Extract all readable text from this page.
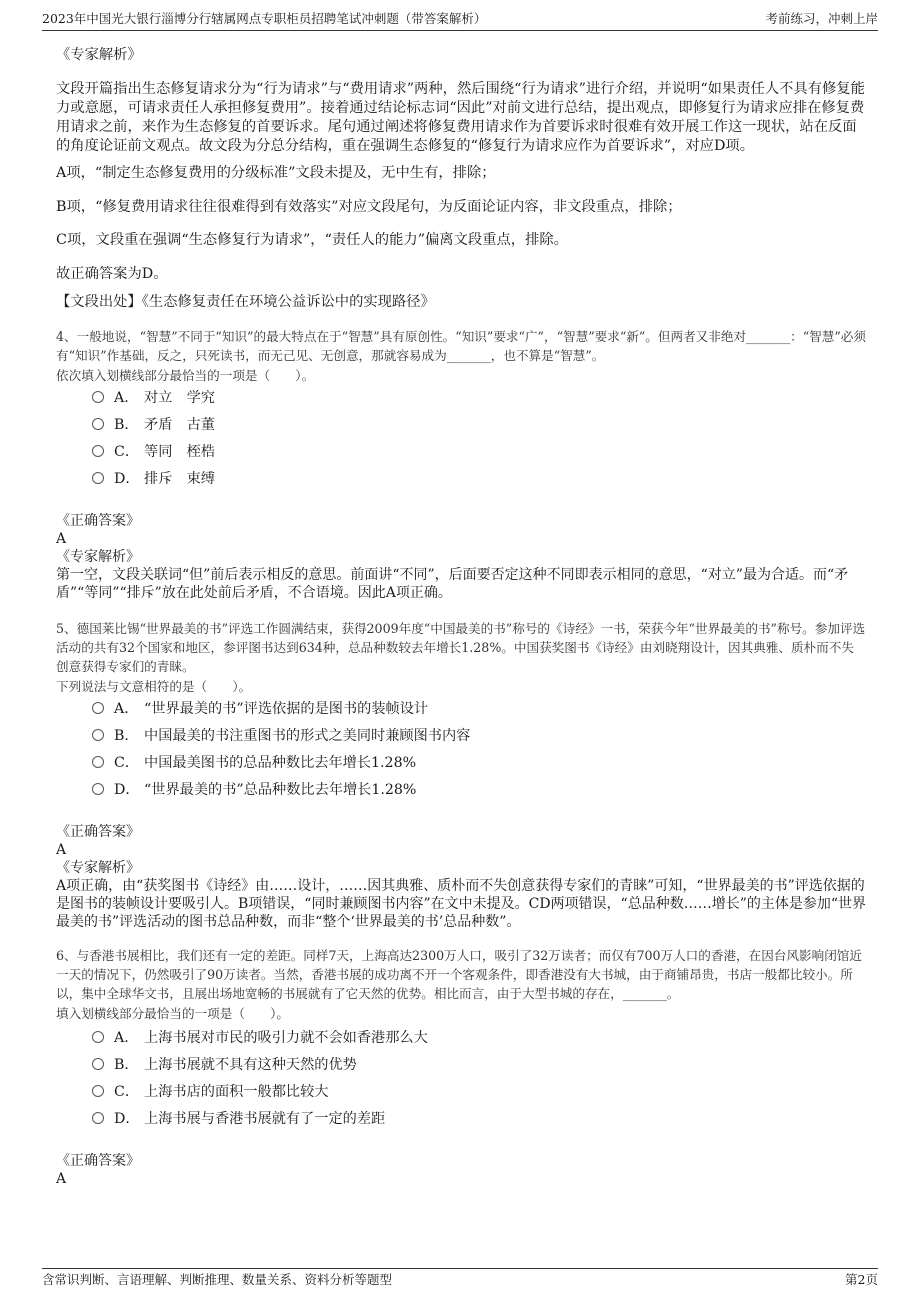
2023年中国光大银行淄博分行辖属网点专职柜员招聘笔试冲刺题（带答案解析）	考前练习，冲刺上岸

《专家解析》

文段开篇指出生态修复请求分为“行为请求”与“费用请求”两种，然后围绕“行为请求”进行介绍，并说明“如果责任人不具有修复能力或意愿，可请求责任人承担修复费用”。接着通过结论标志词“因此”对前文进行总结，提出观点，即修复行为请求应排在修复费用请求之前，来作为生态修复的首要诉求。尾句通过阐述将修复费用请求作为首要诉求时很难有效开展工作这一现状，站在反面的角度论证前文观点。故文段为分总分结构，重在强调生态修复的“修复行为请求应作为首要诉求”，对应D项。

A项，“制定生态修复费用的分级标准”文段未提及，无中生有，排除；

B项，“修复费用请求往往很难得到有效落实”对应文段尾句，为反面论证内容，非文段重点，排除；

C项，文段重在强调“生态修复行为请求”，“责任人的能力”偏离文段重点，排除。

故正确答案为D。

【文段出处】《生态修复责任在环境公益诉讼中的实现路径》

4、一般地说，“智慧”不同于“知识”的最大特点在于“智慧”具有原创性。“知识”要求“广”，“智慧”要求“新”。但两者又非绝对_______：“智慧”必须有“知识”作基础，反之，只死读书，而无己见、无创意，那就容易成为_______，也不算是“智慧”。

依次填入划横线部分最恰当的一项是（　　）。

A． 对立　学究
B． 矛盾　古董
C． 等同　桎梏
D． 排斥　束缚

《正确答案》

A

《专家解析》

第一空，文段关联词“但”前后表示相反的意思。前面讲“不同”，后面要否定这种不同即表示相同的意思，“对立”最为合适。而“矛盾”“等同”“排斥”放在此处前后矛盾，不合语境。因此A项正确。

5、德国莱比锡“世界最美的书”评选工作圆满结束，获得2009年度“中国最美的书”称号的《诗经》一书，荣获今年“世界最美的书”称号。参加评选活动的共有32个国家和地区，参评图书达到634种，总品种数较去年增长1.28%。中国获奖图书《诗经》由刘晓翔设计，因其典雅、质朴而不失创意获得专家们的青睐。

下列说法与文意相符的是（　　）。

A． “世界最美的书”评选依据的是图书的装帧设计
B． 中国最美的书注重图书的形式之美同时兼顾图书内容
C． 中国最美图书的总品种数比去年增长1.28%
D． “世界最美的书”总品种数比去年增长1.28%

《正确答案》

A

《专家解析》

A项正确，由“获奖图书《诗经》由……设计，……因其典雅、质朴而不失创意获得专家们的青睐”可知，“世界最美的书”评选依据的是图书的装帧设计要吸引人。B项错误，“同时兼顾图书内容”在文中未提及。CD两项错误，“总品种数……增长”的主体是参加“世界最美的书”评选活动的图书总品种数，而非“整个‘世界最美的书’总品种数”。

6、与香港书展相比，我们还有一定的差距。同样7天，上海高达2300万人口，吸引了32万读者；而仅有700万人口的香港，在因台风影响闭馆近一天的情况下，仍然吸引了90万读者。当然，香港书展的成功离不开一个客观条件，即香港没有大书城，由于商铺昂贵，书店一般都比较小。所以，集中全球华文书，且展出场地宽畅的书展就有了它天然的优势。相比而言，由于大型书城的存在，_______。

填入划横线部分最恰当的一项是（　　）。

A． 上海书展对市民的吸引力就不会如香港那么大
B． 上海书展就不具有这种天然的优势
C． 上海书店的面积一般都比较大
D． 上海书展与香港书展就有了一定的差距

《正确答案》

A

含常识判断、言语理解、判断推理、数量关系、资料分析等题型	第2页
